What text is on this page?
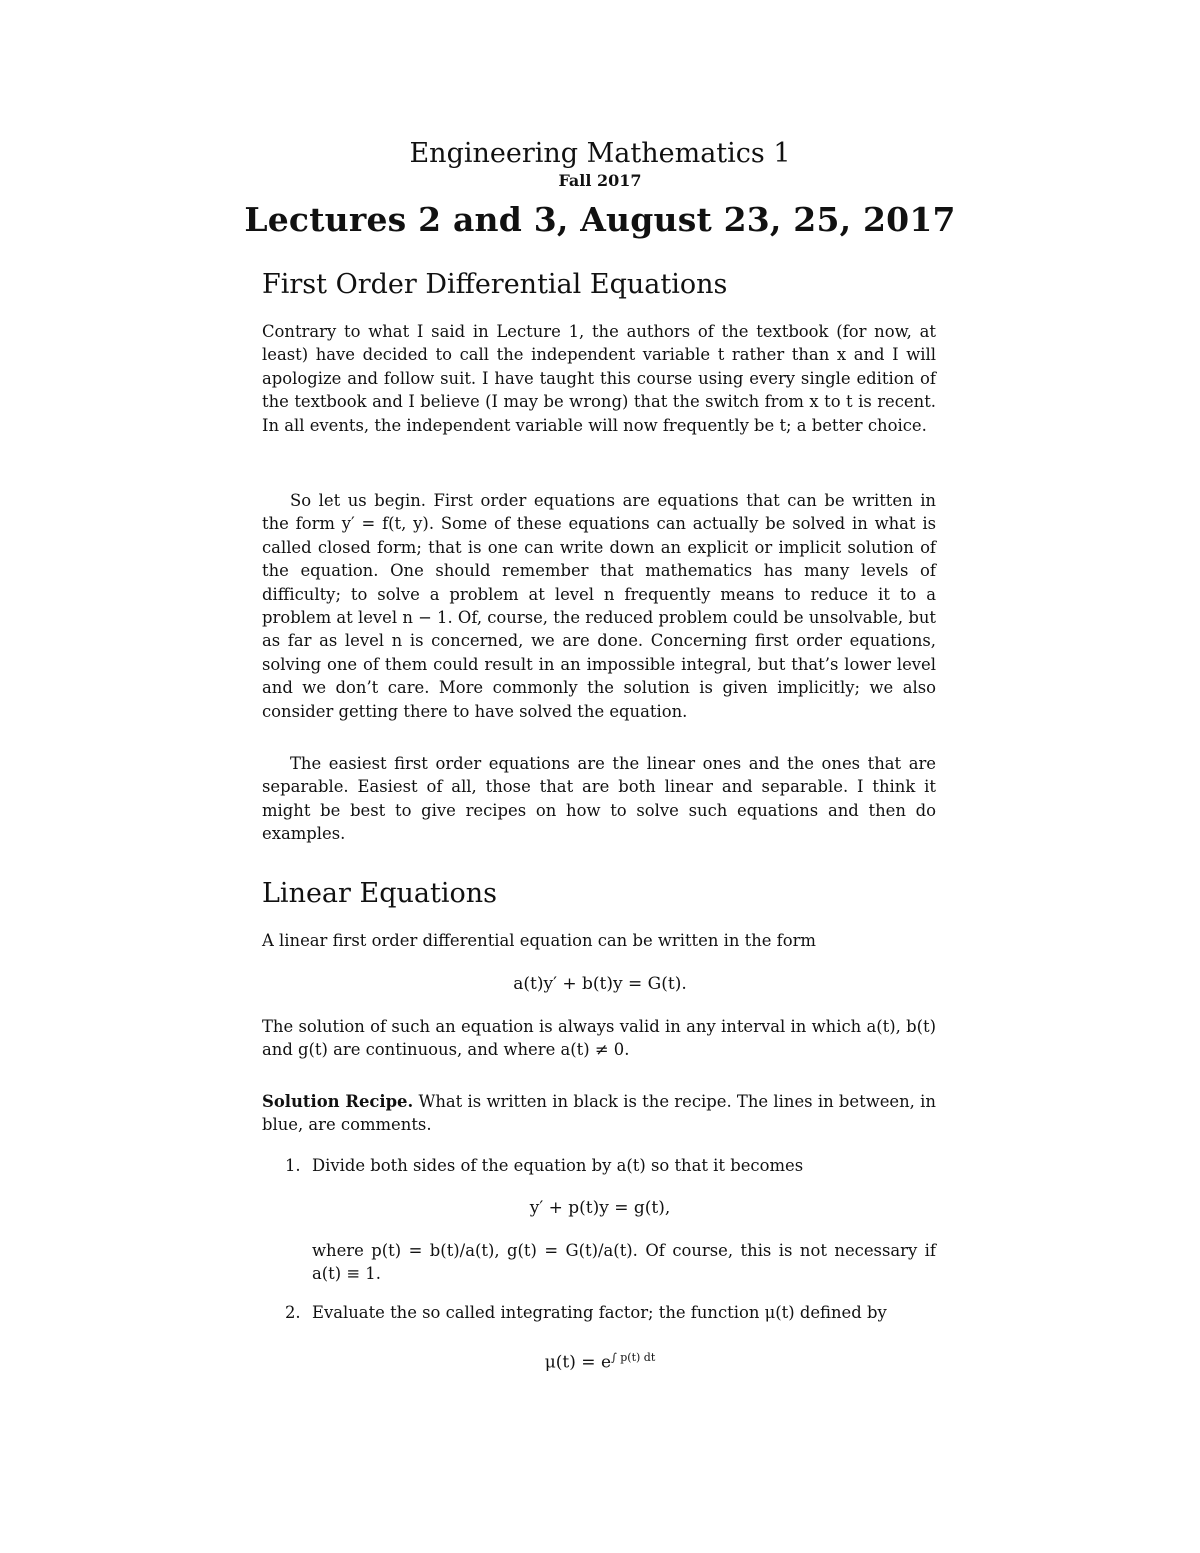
Engineering Mathematics 1
Fall 2017
Lectures 2 and 3, August 23, 25, 2017
First Order Differential Equations

Contrary to what I said in Lecture 1, the authors of the textbook (for now, at least) have decided to call the independent variable t rather than x and I will apologize and follow suit. I have taught this course using every single edition of the textbook and I believe (I may be wrong) that the switch from x to t is recent. In all events, the independent variable will now frequently be t; a better choice.

So let us begin. First order equations are equations that can be written in the form y′ = f(t, y). Some of these equations can actually be solved in what is called closed form; that is one can write down an explicit or implicit solution of the equation. One should remember that mathematics has many levels of difficulty; to solve a problem at level n frequently means to reduce it to a problem at level n − 1. Of, course, the reduced problem could be unsolvable, but as far as level n is concerned, we are done. Concerning first order equations, solving one of them could result in an impossible integral, but that’s lower level and we don’t care. More commonly the solution is given implicitly; we also consider getting there to have solved the equation.

The easiest first order equations are the linear ones and the ones that are separable. Easiest of all, those that are both linear and separable. I think it might be best to give recipes on how to solve such equations and then do examples.

Linear Equations

A linear first order differential equation can be written in the form

a(t)y′ + b(t)y = G(t).

The solution of such an equation is always valid in any interval in which a(t), b(t) and g(t) are continuous, and where a(t) ≠ 0.

Solution Recipe. What is written in black is the recipe. The lines in between, in blue, are comments.

1. Divide both sides of the equation by a(t) so that it becomes
y′ + p(t)y = g(t),
where p(t) = b(t)/a(t), g(t) = G(t)/a(t). Of course, this is not necessary if a(t) ≡ 1.
2. Evaluate the so called integrating factor; the function μ(t) defined by
$\mu(t) = e^{\int p(t) dt}$
